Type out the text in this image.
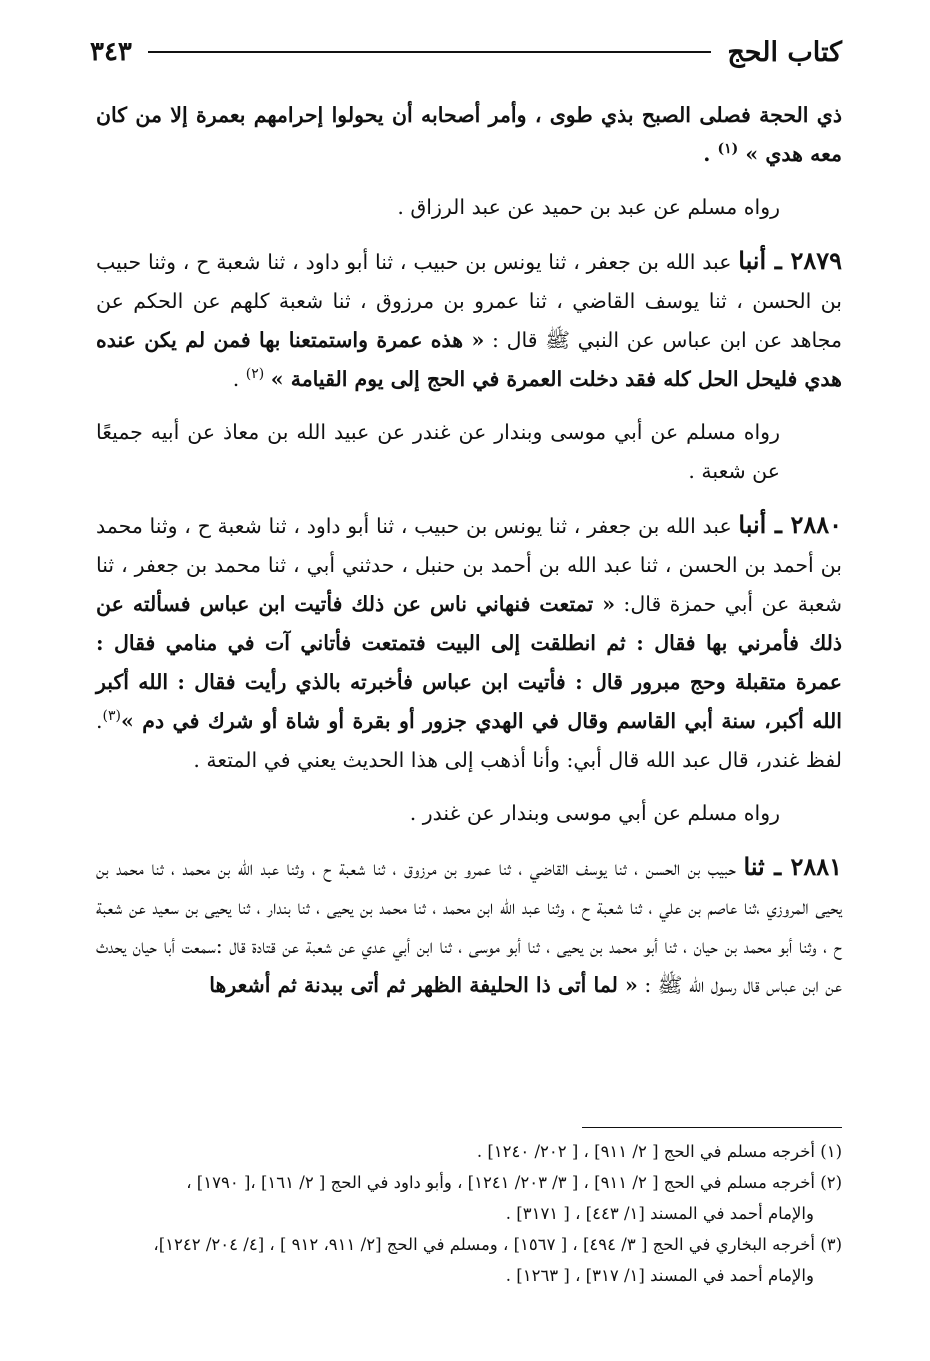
كتاب الحج
٣٤٣

ذي الحجة فصلى الصبح بذي طوى ، وأمر أصحابه أن يحولوا إحرامهم بعمرة إلا من كان معه هدي » $^{(١)}$ .

رواه مسلم عن عبد بن حميد عن عبد الرزاق .

٢٨٧٩ ـ أنبا عبد الله بن جعفر ، ثنا يونس بن حبيب ، ثنا أبو داود ، ثنا شعبة ح ، وثنا حبيب بن الحسن ، ثنا يوسف القاضي ، ثنا عمرو بن مرزوق ، ثنا شعبة كلهم عن الحكم عن مجاهد عن ابن عباس عن النبي ﷺ قال : « هذه عمرة واستمتعنا بها فمن لم يكن عنده هدي فليحل الحل كله فقد دخلت العمرة في الحج إلى يوم القيامة » $^{(٢)}$ .

رواه مسلم عن أبي موسى وبندار عن غندر عن عبيد الله بن معاذ عن أبيه جميعًا عن شعبة .

٢٨٨٠ ـ أنبا عبد الله بن جعفر ، ثنا يونس بن حبيب ، ثنا أبو داود ، ثنا شعبة ح ، وثنا محمد بن أحمد بن الحسن ، ثنا عبد الله بن أحمد بن حنبل ، حدثني أبي ، ثنا محمد بن جعفر ، ثنا شعبة عن أبي حمزة قال: « تمتعت فنهاني ناس عن ذلك فأتيت ابن عباس فسألته عن ذلك فأمرني بها فقال : ثم انطلقت إلى البيت فتمتعت فأتاني آت في منامي فقال : عمرة متقبلة وحج مبرور قال : فأتيت ابن عباس فأخبرته بالذي رأيت فقال : الله أكبر الله أكبر، سنة أبي القاسم وقال في الهدي جزور أو بقرة أو شاة أو شرك في دم »$^{(٣)}$. لفظ غندر، قال عبد الله قال أبي: وأنا أذهب إلى هذا الحديث يعني في المتعة .

رواه مسلم عن أبي موسى وبندار عن غندر .

٢٨٨١ ـ ثنا حبيب بن الحسن ، ثنا يوسف القاضي ، ثنا عمرو بن مرزوق ، ثنا شعبة ح ، وثنا عبد الله بن محمد ، ثنا محمد بن يحيى المروزي ،ثنا عاصم بن علي ، ثنا شعبة ح ، وثنا عبد الله ابن محمد ، ثنا محمد بن يحيى ، ثنا بندار ، ثنا يحيى بن سعيد عن شعبة ح ، وثنا أبو محمد بن حيان ، ثنا أبو محمد بن يحيى ، ثنا أبو موسى ، ثنا ابن أبي عدي عن شعبة عن قتادة قال :سمعت أبا حيان يحدث عن ابن عباس قال رسول الله ﷺ : « لما أتى ذا الحليفة الظهر ثم أتى ببدنة ثم أشعرها

(١) أخرجه مسلم في الحج [ ٢/ ٩١١] ، [ ٢٠٢/ ١٢٤٠] .

(٢) أخرجه مسلم في الحج [ ٢/ ٩١١] ، [ ٣/ ٢٠٣/ ١٢٤١] ، وأبو داود في الحج [ ٢/ ١٦١] ،[ ١٧٩٠] ،

والإمام أحمد في المسند [١/ ٤٤٣] ، [ ٣١٧١] .

(٣) أخرجه البخاري في الحج [ ٣/ ٤٩٤] ، [ ١٥٦٧] ، ومسلم في الحج [٢/ ٩١١، ٩١٢ ] ، [٤/ ٢٠٤/ ١٢٤٢]،

والإمام أحمد في المسند [١/ ٣١٧] ، [ ١٢٦٣] .
